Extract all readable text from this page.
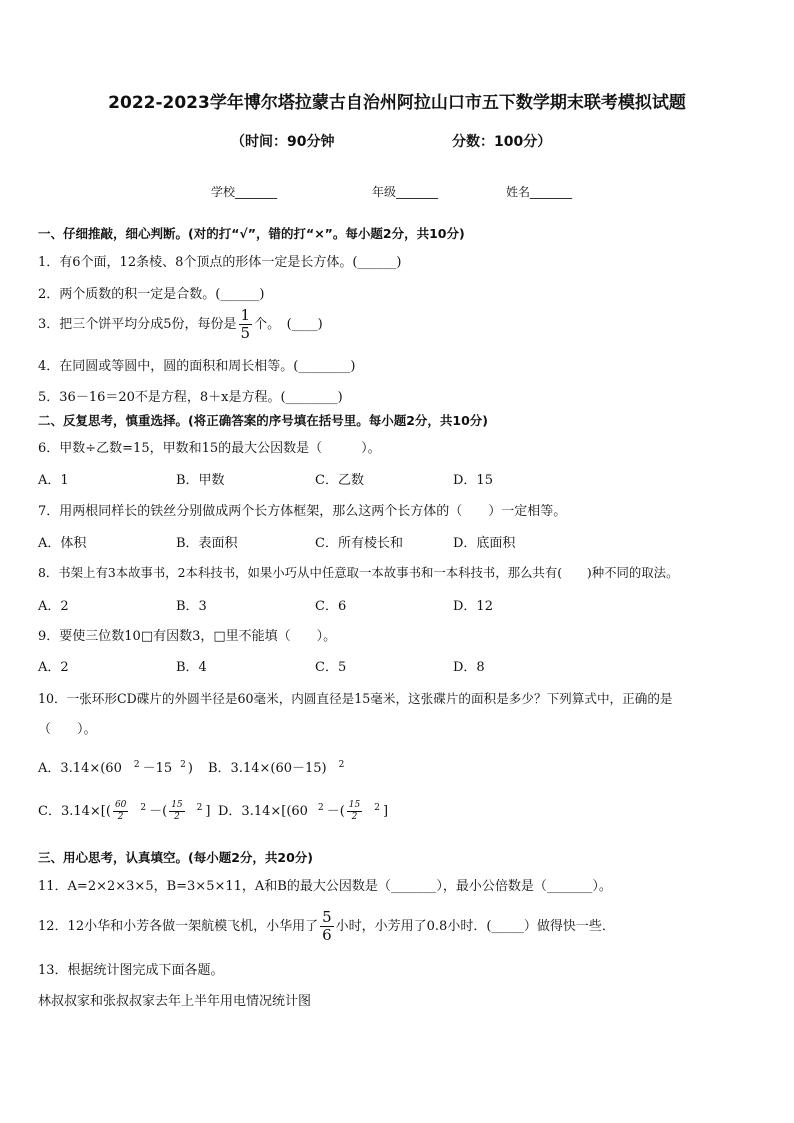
2022-2023学年博尔塔拉蒙古自治州阿拉山口市五下数学期末联考模拟试题
（时间：90分钟	分数：100分）
学校_______	年级_______	姓名_______
一、仔细推敲，细心判断。(对的打“√”，错的打“×”。每小题2分，共10分)
1．有6个面，12条棱、8个顶点的形体一定是长方体。(______)
2．两个质数的积一定是合数。(______)
3．把三个饼平均分成5份，每份是 $\frac{1}{5}$ 个。　(____)
4．在同圆或等圆中，圆的面积和周长相等。(________)
5．36－16＝20不是方程，8＋x是方程。(________)
二、反复思考，慎重选择。(将正确答案的序号填在括号里。每小题2分，共10分)
6．甲数÷乙数=15，甲数和15的最大公因数是（　　　）。
A．1	B．甲数	C．乙数	D．15
7．用两根同样长的铁丝分别做成两个长方体框架，那么这两个长方体的（　　）一定相等。
A．体积	B．表面积	C．所有棱长和	D．底面积
8．书架上有3本故事书，2本科技书，如果小巧从中任意取一本故事书和一本科技书，那么共有(　　)种不同的取法。
A．2	B．3	C．6	D．12
9．要使三位数10□有因数3，□里不能填（　　）。
A．2	B．4	C．5	D．8
10．一张环形CD碟片的外圆半径是60毫米，内圆直径是15毫米，这张碟片的面积是多少？下列算式中，正确的是
（　　）。
A．3.14×(60 $^2$ －15 $^2$ ) B．3.14×(60－15) $^2$
C．$3.14\times[( \frac{60}{2} ^2$ －( $\frac{15}{2} ^2$ ] D．3.14×[(60 $^2$ －( $\frac{15}{2} ^2$ ]
三、用心思考，认真填空。(每小题2分，共20分)
11．A=2×2×3×5，B=3×5×11，A和B的最大公因数是（_______），最小公倍数是（_______）。
12．12小华和小芳各做一架航模飞机，小华用了 $\frac{5}{6}$ 小时，小芳用了0.8小时．(_____）做得快一些．
13．根据统计图完成下面各题。
林叔叔家和张叔叔家去年上半年用电情况统计图
